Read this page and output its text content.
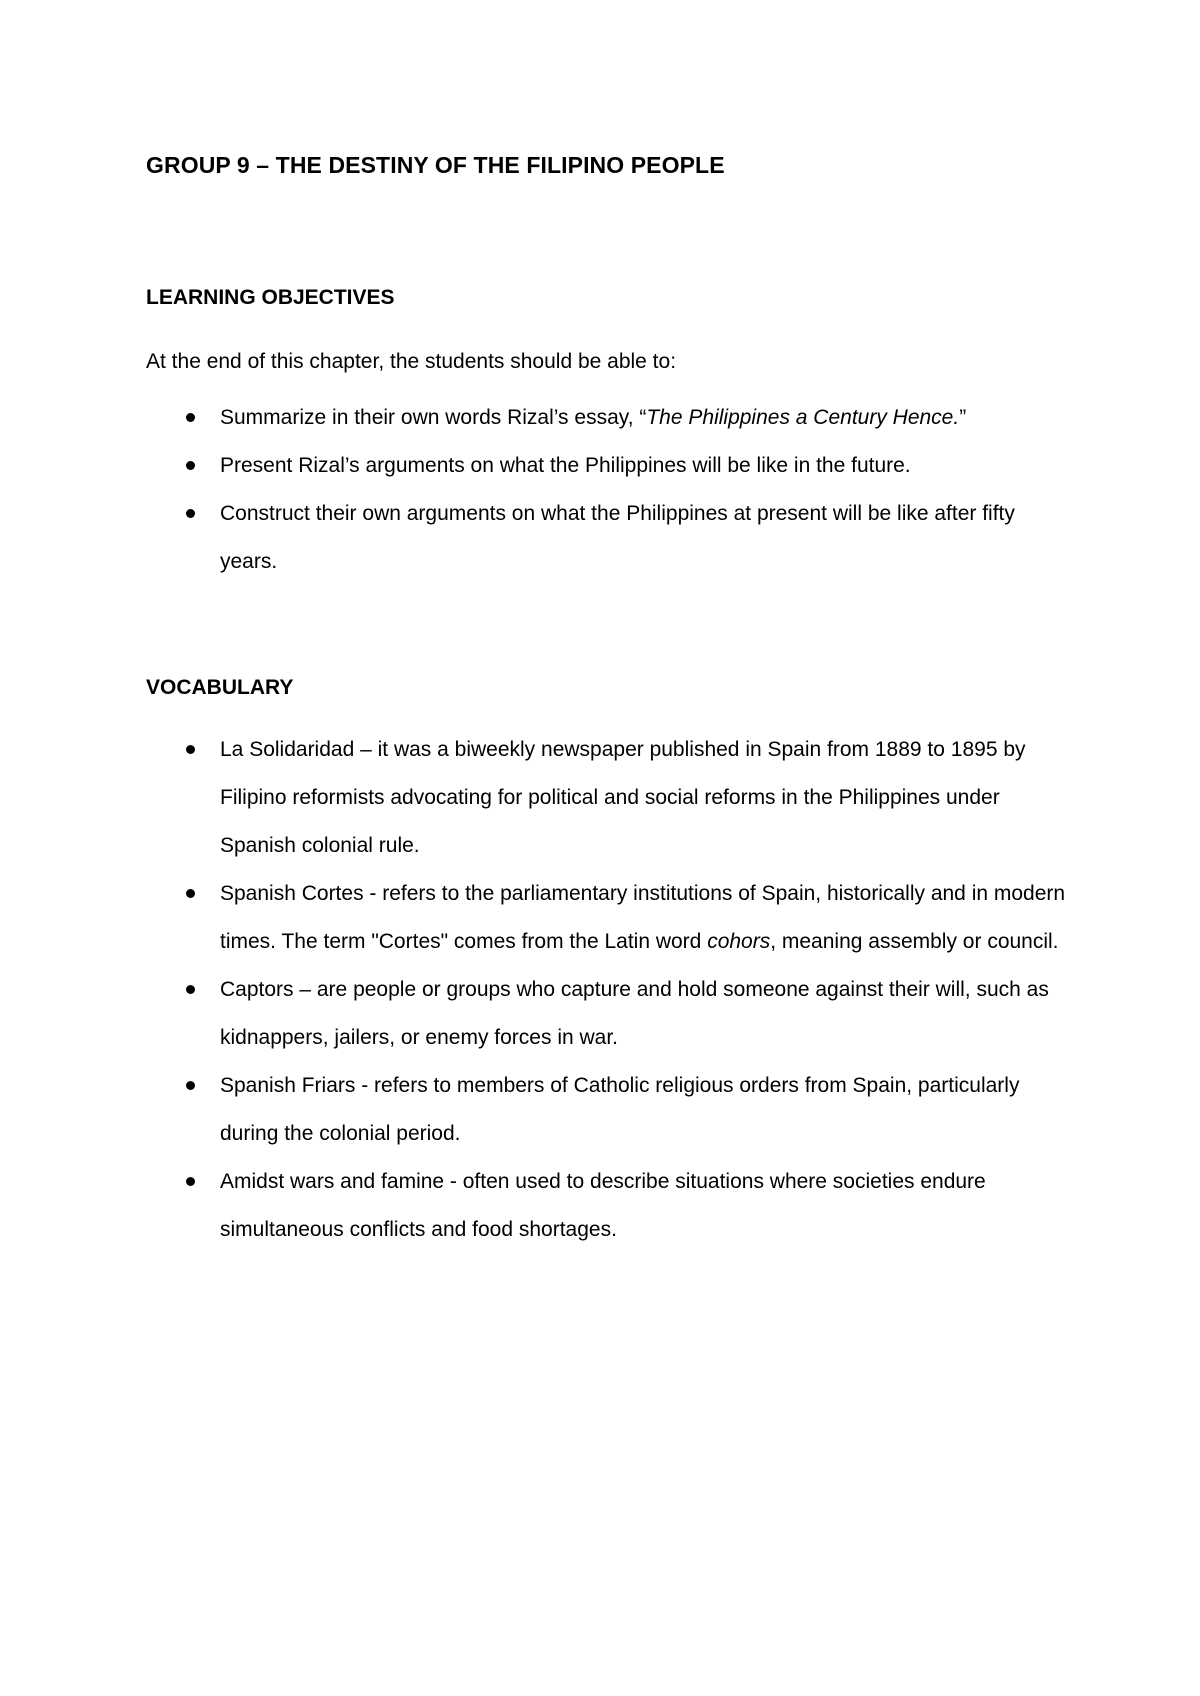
GROUP 9 – THE DESTINY OF THE FILIPINO PEOPLE
LEARNING OBJECTIVES

At the end of this chapter, the students should be able to:

Summarize in their own words Rizal’s essay, “The Philippines a Century Hence.”
Present Rizal’s arguments on what the Philippines will be like in the future.
Construct their own arguments on what the Philippines at present will be like after fifty years.
VOCABULARY
La Solidaridad – it was a biweekly newspaper published in Spain from 1889 to 1895 by Filipino reformists advocating for political and social reforms in the Philippines under Spanish colonial rule.
Spanish Cortes - refers to the parliamentary institutions of Spain, historically and in modern times. The term "Cortes" comes from the Latin word cohors, meaning assembly or council.
Captors – are people or groups who capture and hold someone against their will, such as kidnappers, jailers, or enemy forces in war.
Spanish Friars - refers to members of Catholic religious orders from Spain, particularly during the colonial period.
Amidst wars and famine - often used to describe situations where societies endure simultaneous conflicts and food shortages.
